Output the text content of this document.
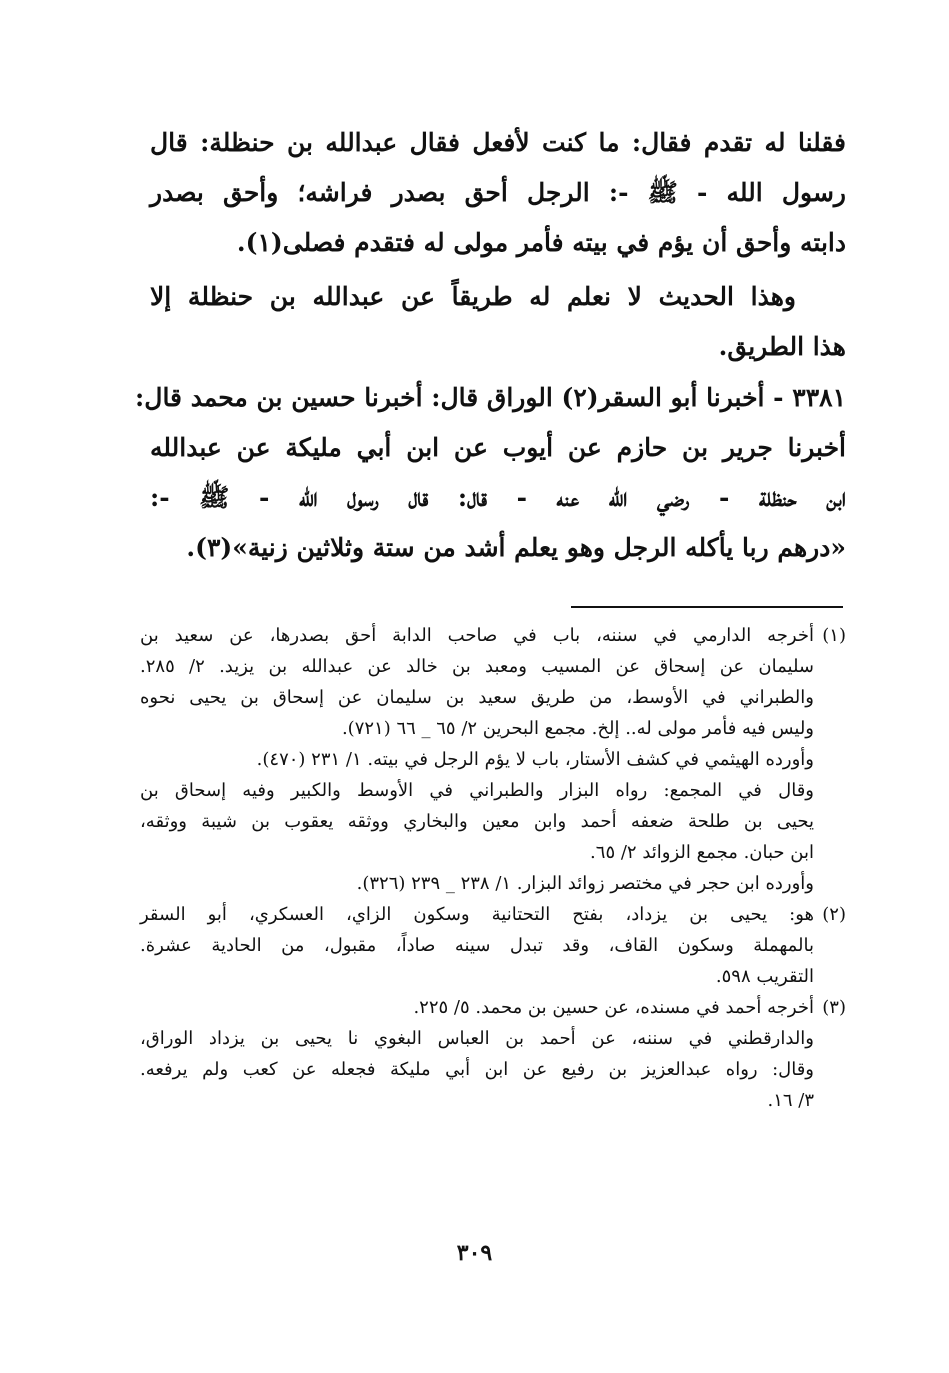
فقلنا له تقدم فقال: ما كنت لأفعل فقال عبدالله بن حنظلة: قال
رسول الله - ﷺ -: الرجل أحق بصدر فراشه؛ وأحق بصدر
دابته وأحق أن يؤم في بيته فأمر مولى له فتقدم فصلى(١).
وهذا الحديث لا نعلم له طريقاً عن عبدالله بن حنظلة إلا
هذا الطريق.
٣٣٨١ - أخبرنا أبو السقر(٢) الوراق قال: أخبرنا حسين بن محمد قال:
أخبرنا جرير بن حازم عن أيوب عن ابن أبي مليكة عن عبدالله
ابن حنظلة - رضي الله عنه - قال: قال رسول الله - ﷺ -:
«درهم ربا يأكله الرجل وهو يعلم أشد من ستة وثلاثين زنية»(٣).
(١)أخرجه الدارمي في سننه، باب في صاحب الدابة أحق بصدرها، عن سعيد بن
سليمان عن إسحاق عن المسيب ومعبد بن خالد عن عبدالله بن يزيد. ٢/ ٢٨٥.
والطبراني في الأوسط، من طريق سعيد بن سليمان عن إسحاق بن يحيى نحوه
وليس فيه فأمر مولى له.. إلخ. مجمع البحرين ٢/ ٦٥ _ ٦٦ (٧٢١).
وأورده الهيثمي في كشف الأستار، باب لا يؤم الرجل في بيته. ١/ ٢٣١ (٤٧٠).
وقال في المجمع: رواه البزار والطبراني في الأوسط والكبير وفيه إسحاق بن
يحيى بن طلحة ضعفه أحمد وابن معين والبخاري ووثقه يعقوب بن شيبة ووثقه،
ابن حبان. مجمع الزوائد ٢/ ٦٥.
وأورده ابن حجر في مختصر زوائد البزار. ١/ ٢٣٨ _ ٢٣٩ (٣٢٦).
(٢)هو: يحيى بن يزداد، بفتح التحتانية وسكون الزاي، العسكري، أبو السقر
بالمهملة وسكون القاف، وقد تبدل سينه صاداً، مقبول، من الحادية عشرة.
التقريب ٥٩٨.
(٣)أخرجه أحمد في مسنده، عن حسين بن محمد. ٥/ ٢٢٥.
والدارقطني في سننه، عن أحمد بن العباس البغوي نا يحيى بن يزداد الوراق،
وقال: رواه عبدالعزيز بن رفيع عن ابن أبي مليكة فجعله عن كعب ولم يرفعه.
٣/ ١٦.
٣٠٩
